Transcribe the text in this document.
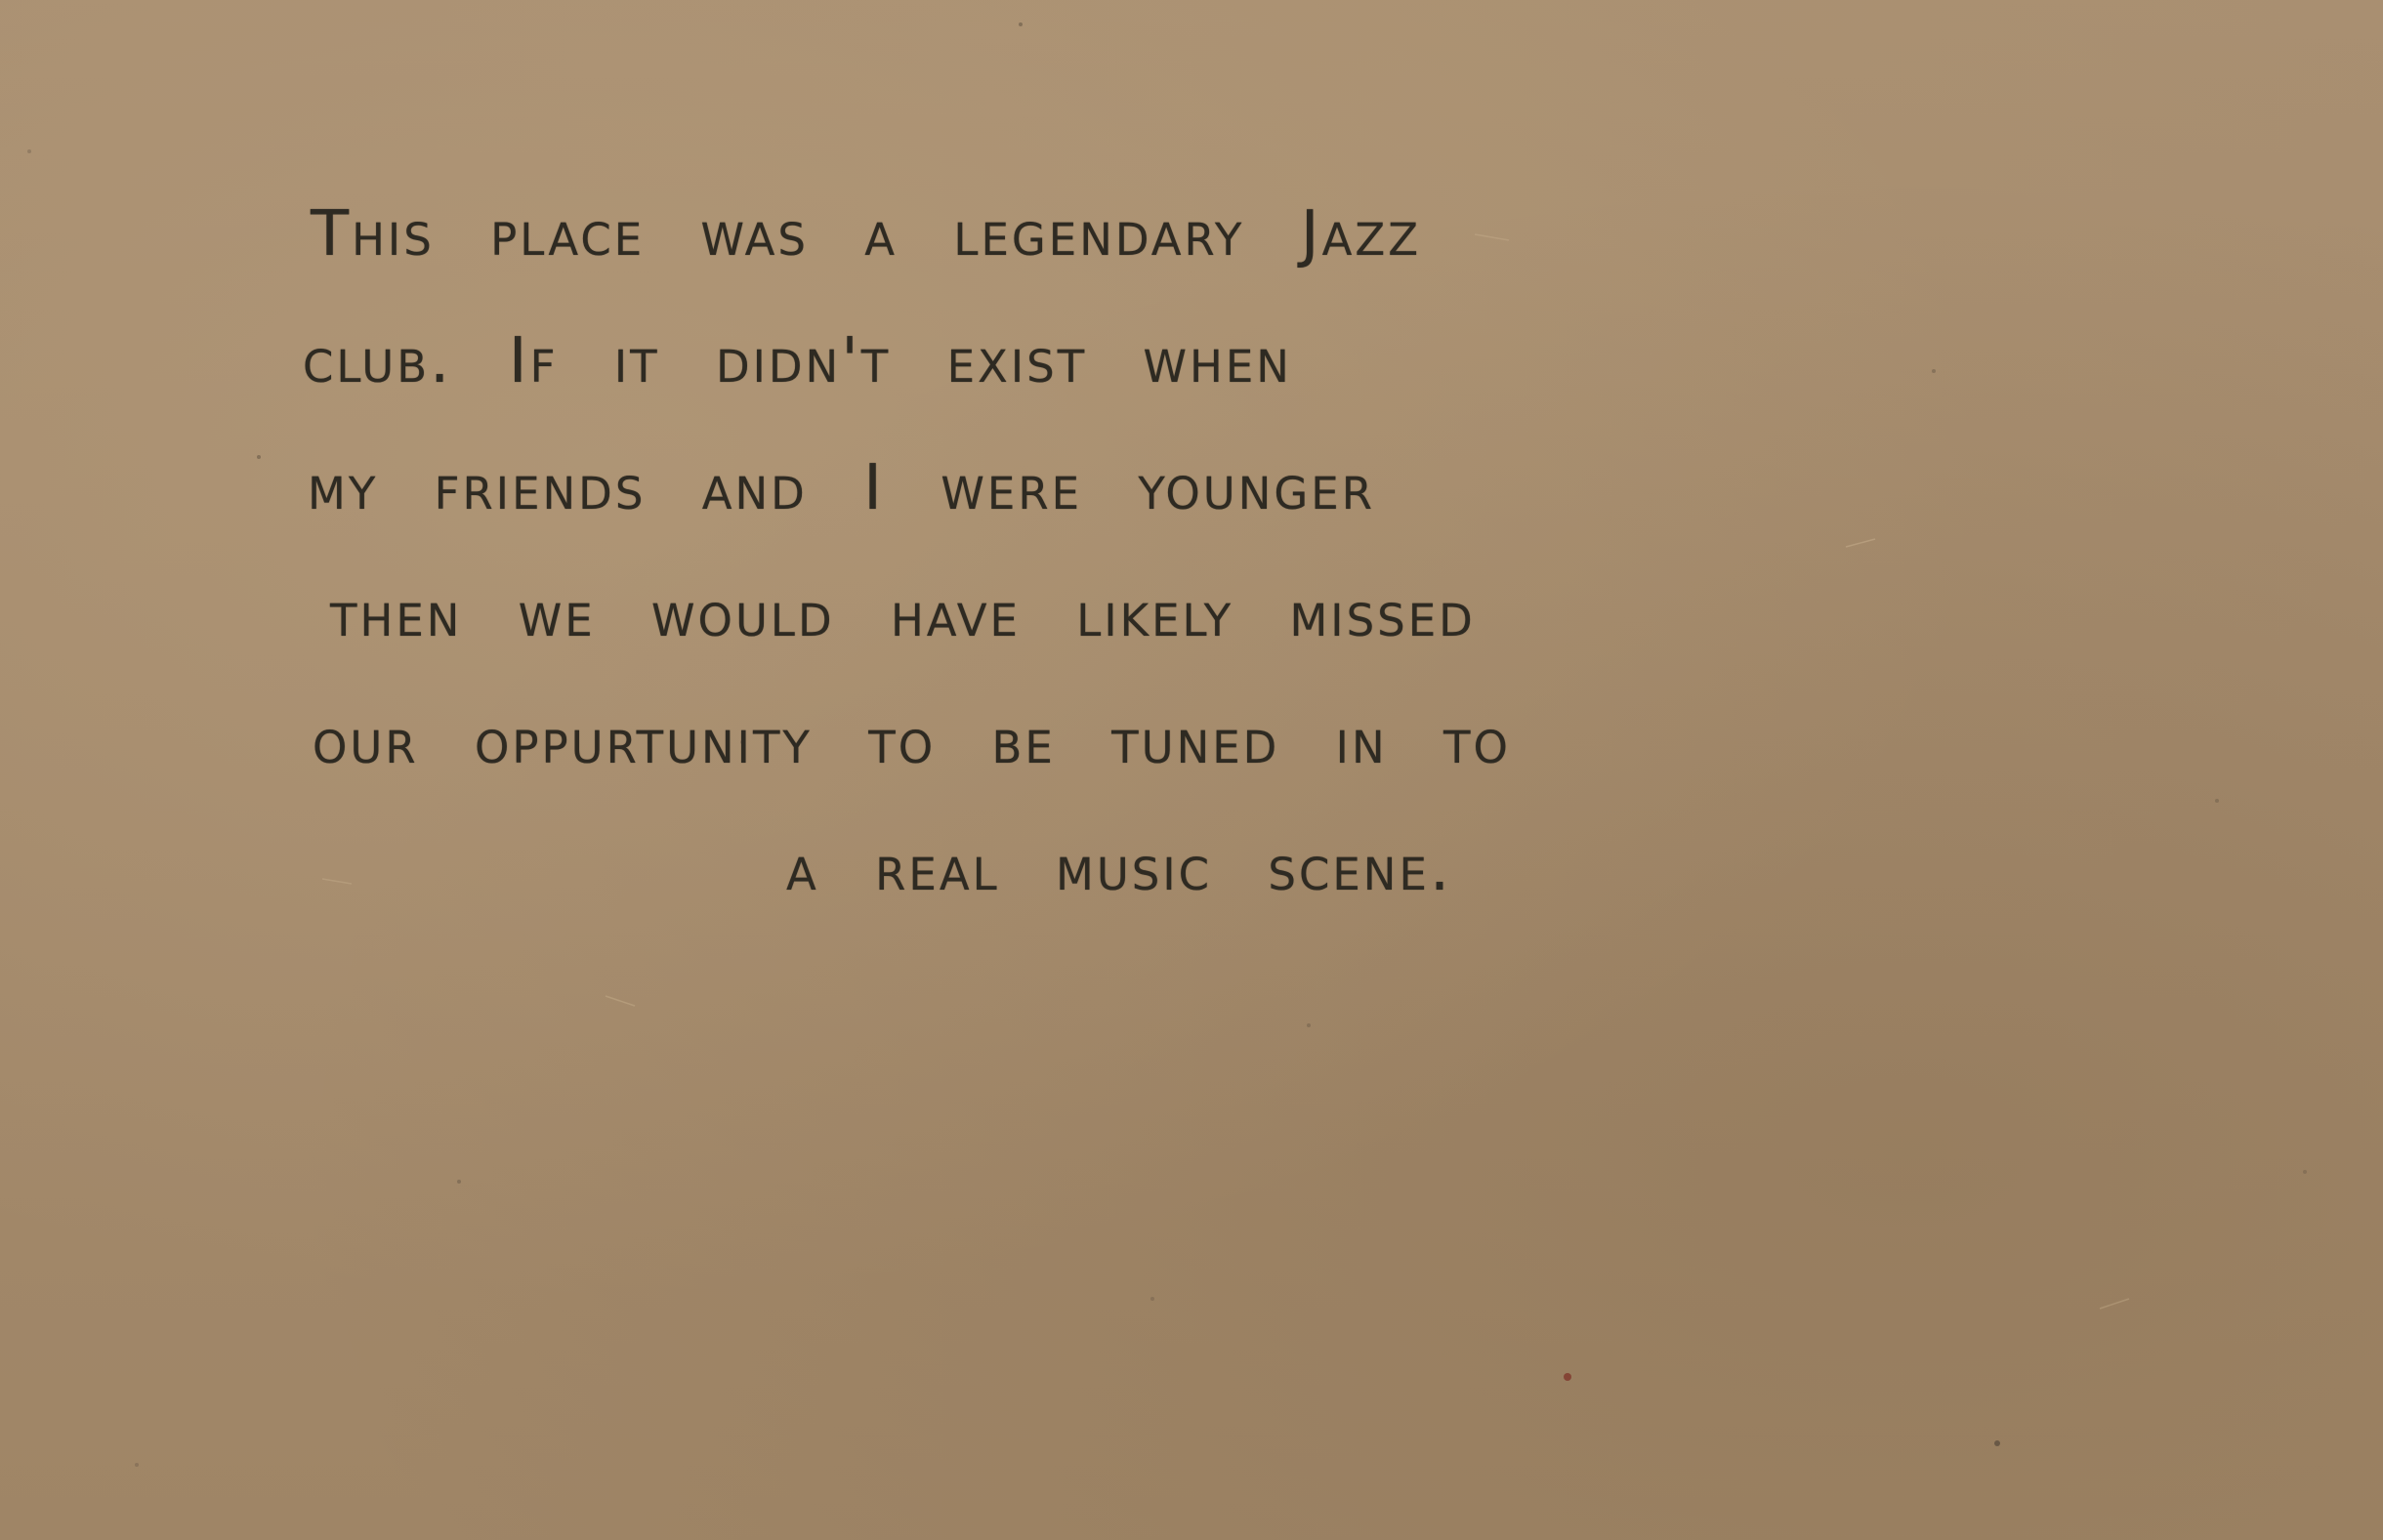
This place was a legendary Jazz
club. If it didn't exist when
my friends and I were younger
then we would have likely missed
our oppurtunity to be tuned in to
a real music scene.
